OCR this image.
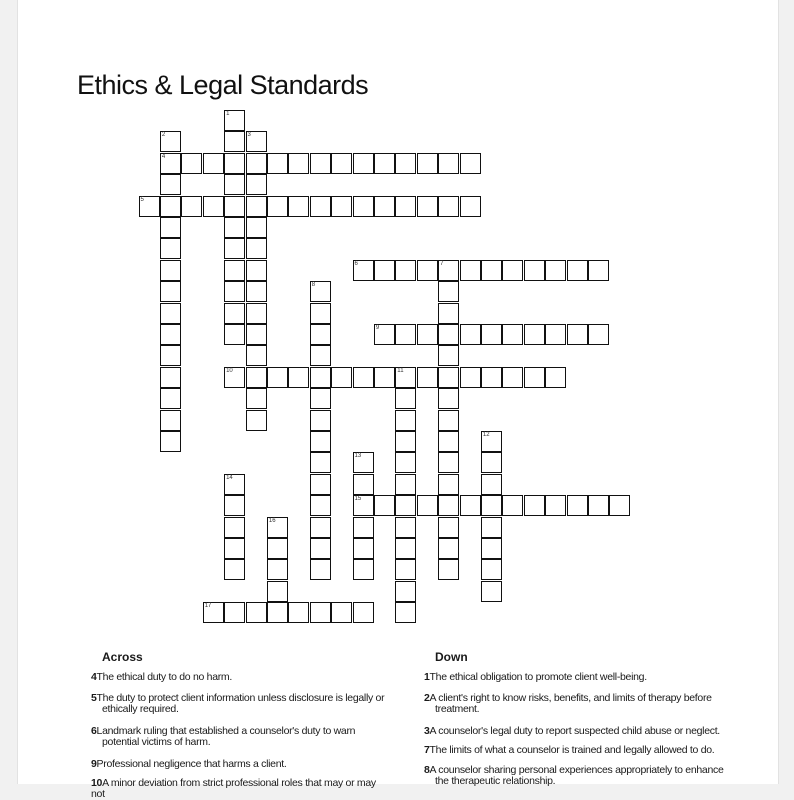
Ethics & Legal Standards
1
2
4
3
5
6	7
8
9
10	11
12
13
15
14
16
17
Across	Down
4The ethical duty to do no harm.
5The duty to protect client information unless disclosure is legally or
ethically required.
6Landmark ruling that established a counselor's duty to warn
potential victims of harm.
9Professional negligence that harms a client.
10A minor deviation from strict professional roles that may or may not
1The ethical obligation to promote client well-being.
2A client's right to know risks, benefits, and limits of therapy before
treatment.
3A counselor's legal duty to report suspected child abuse or neglect.
7The limits of what a counselor is trained and legally allowed to do.
8A counselor sharing personal experiences appropriately to enhance
the therapeutic relationship.
